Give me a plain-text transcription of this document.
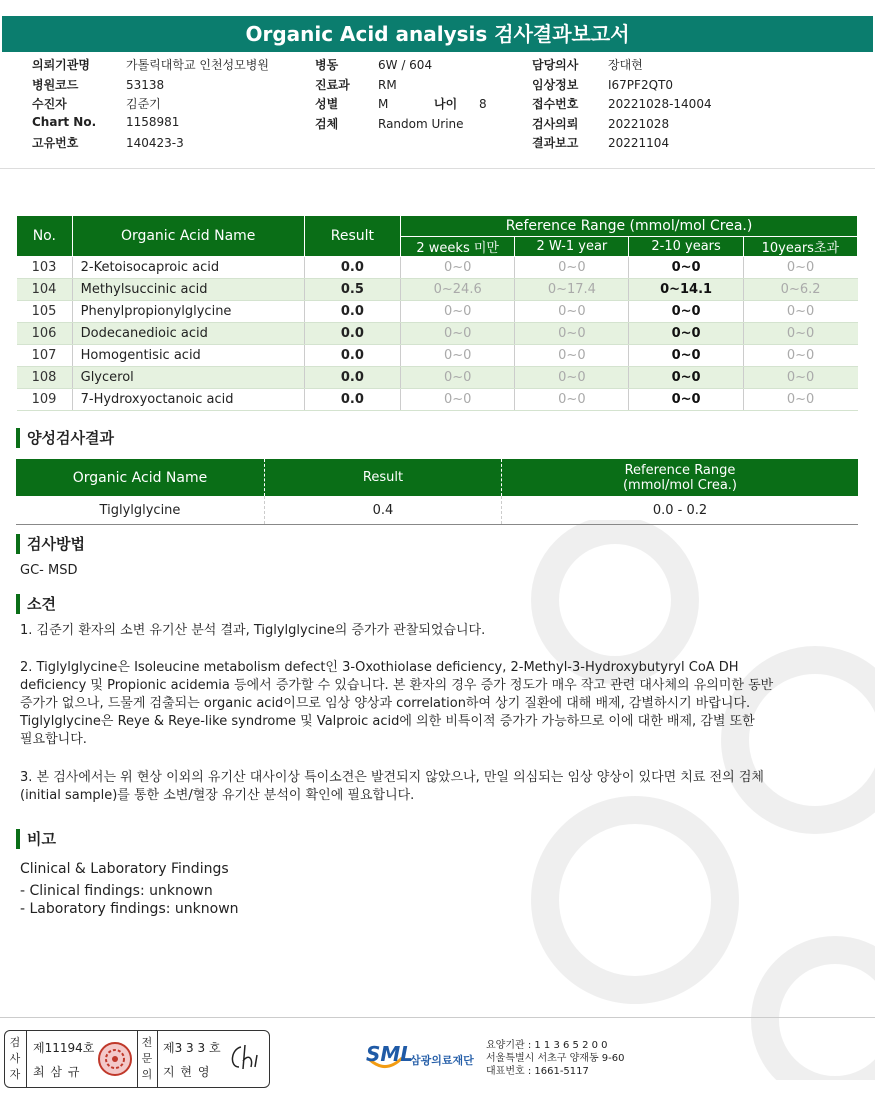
Organic Acid analysis 검사결과보고서
의뢰기관명	가톨릭대학교 인천성모병원
병원코드	53138
수진자	김준기
Chart No. 1158981
고유번호	140423-3
병동	6W / 604
진료과 RM
성별	M	나이 8
검체	Random Urine
담당의사 장대현
임상정보 I67PF2QT0
접수번호 20221028-14004
검사의뢰 20221028
결과보고 20221104
No.	Organic Acid Name	Result	Reference Range (mmol/mol Crea.)			
			2 weeks 미만	2 W-1 year	2-10 years	10years초과
103	2-Ketoisocaproic acid	0.0	0~0	0~0	0~0	0~0
104	Methylsuccinic acid	0.5	0~24.6	0~17.4	0~14.1	0~6.2
105	Phenylpropionylglycine	0.0	0~0	0~0	0~0	0~0
106	Dodecanedioic acid	0.0	0~0	0~0	0~0	0~0
107	Homogentisic acid	0.0	0~0	0~0	0~0	0~0
108	Glycerol	0.0	0~0	0~0	0~0	0~0
109	7-Hydroxyoctanoic acid	0.0	0~0	0~0	0~0	0~0
양성검사결과
Organic Acid Name	Result	Reference Range
(mmol/mol Crea.)

Tiglylglycine	0.4	0.0 - 0.2
검사방법
GC- MSD
소견
1. 김준기 환자의 소변 유기산 분석 결과, Tiglylglycine의 증가가 관찰되었습니다.
2. Tiglylglycine은 Isoleucine metabolism defect인 3-Oxothiolase deficiency, 2-Methyl-3-Hydroxybutyryl CoA DH
deficiency 및 Propionic acidemia 등에서 증가할 수 있습니다. 본 환자의 경우 증가 정도가 매우 작고 관련 대사체의 유의미한 동반
증가가 없으나, 드물게 검출되는 organic acid이므로 임상 양상과 correlation하여 상기 질환에 대해 배제, 감별하시기 바랍니다.
Tiglylglycine은 Reye & Reye-like syndrome 및 Valproic acid에 의한 비특이적 증가가 가능하므로 이에 대한 배제, 감별 또한
필요합니다.
3. 본 검사에서는 위 현상 이외의 유기산 대사이상 특이소견은 발견되지 않았으나, 만일 의심되는 임상 양상이 있다면 치료 전의 검체
(initial sample)를 통한 소변/혈장 유기산 분석이 확인에 필요합니다.
비고
Clinical & Laboratory Findings
- Clinical findings: unknown
- Laboratory findings: unknown
검사자
제11194호
최 삼 규
전문의
제3 3 3 호
지 현 영
SML
삼광의료재단
요양기관 : 1 1 3 6 5 2 0 0
서울특별시 서초구 양재동 9-60
대표번호 : 1661-5117
